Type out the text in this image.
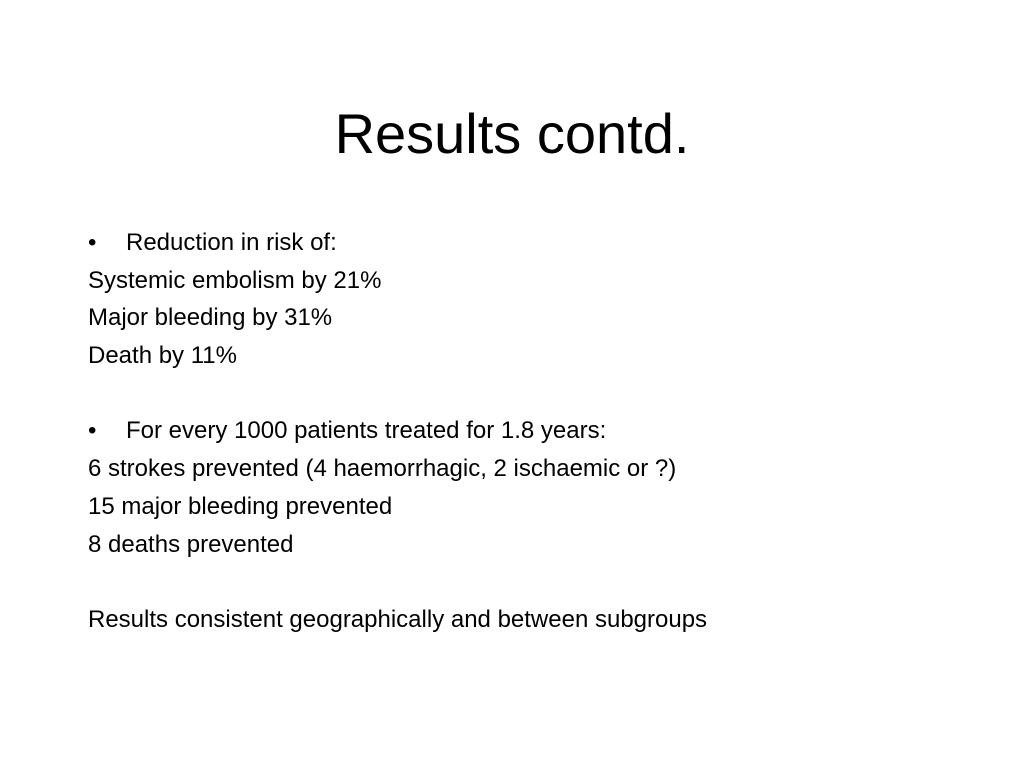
Results contd.
•	Reduction in risk of:
Systemic embolism by 21%
Major bleeding by 31%
Death by 11%
•	For every 1000 patients treated for 1.8 years:
6 strokes prevented (4 haemorrhagic, 2 ischaemic or ?)
15 major bleeding prevented
8 deaths prevented
Results consistent geographically and between subgroups
